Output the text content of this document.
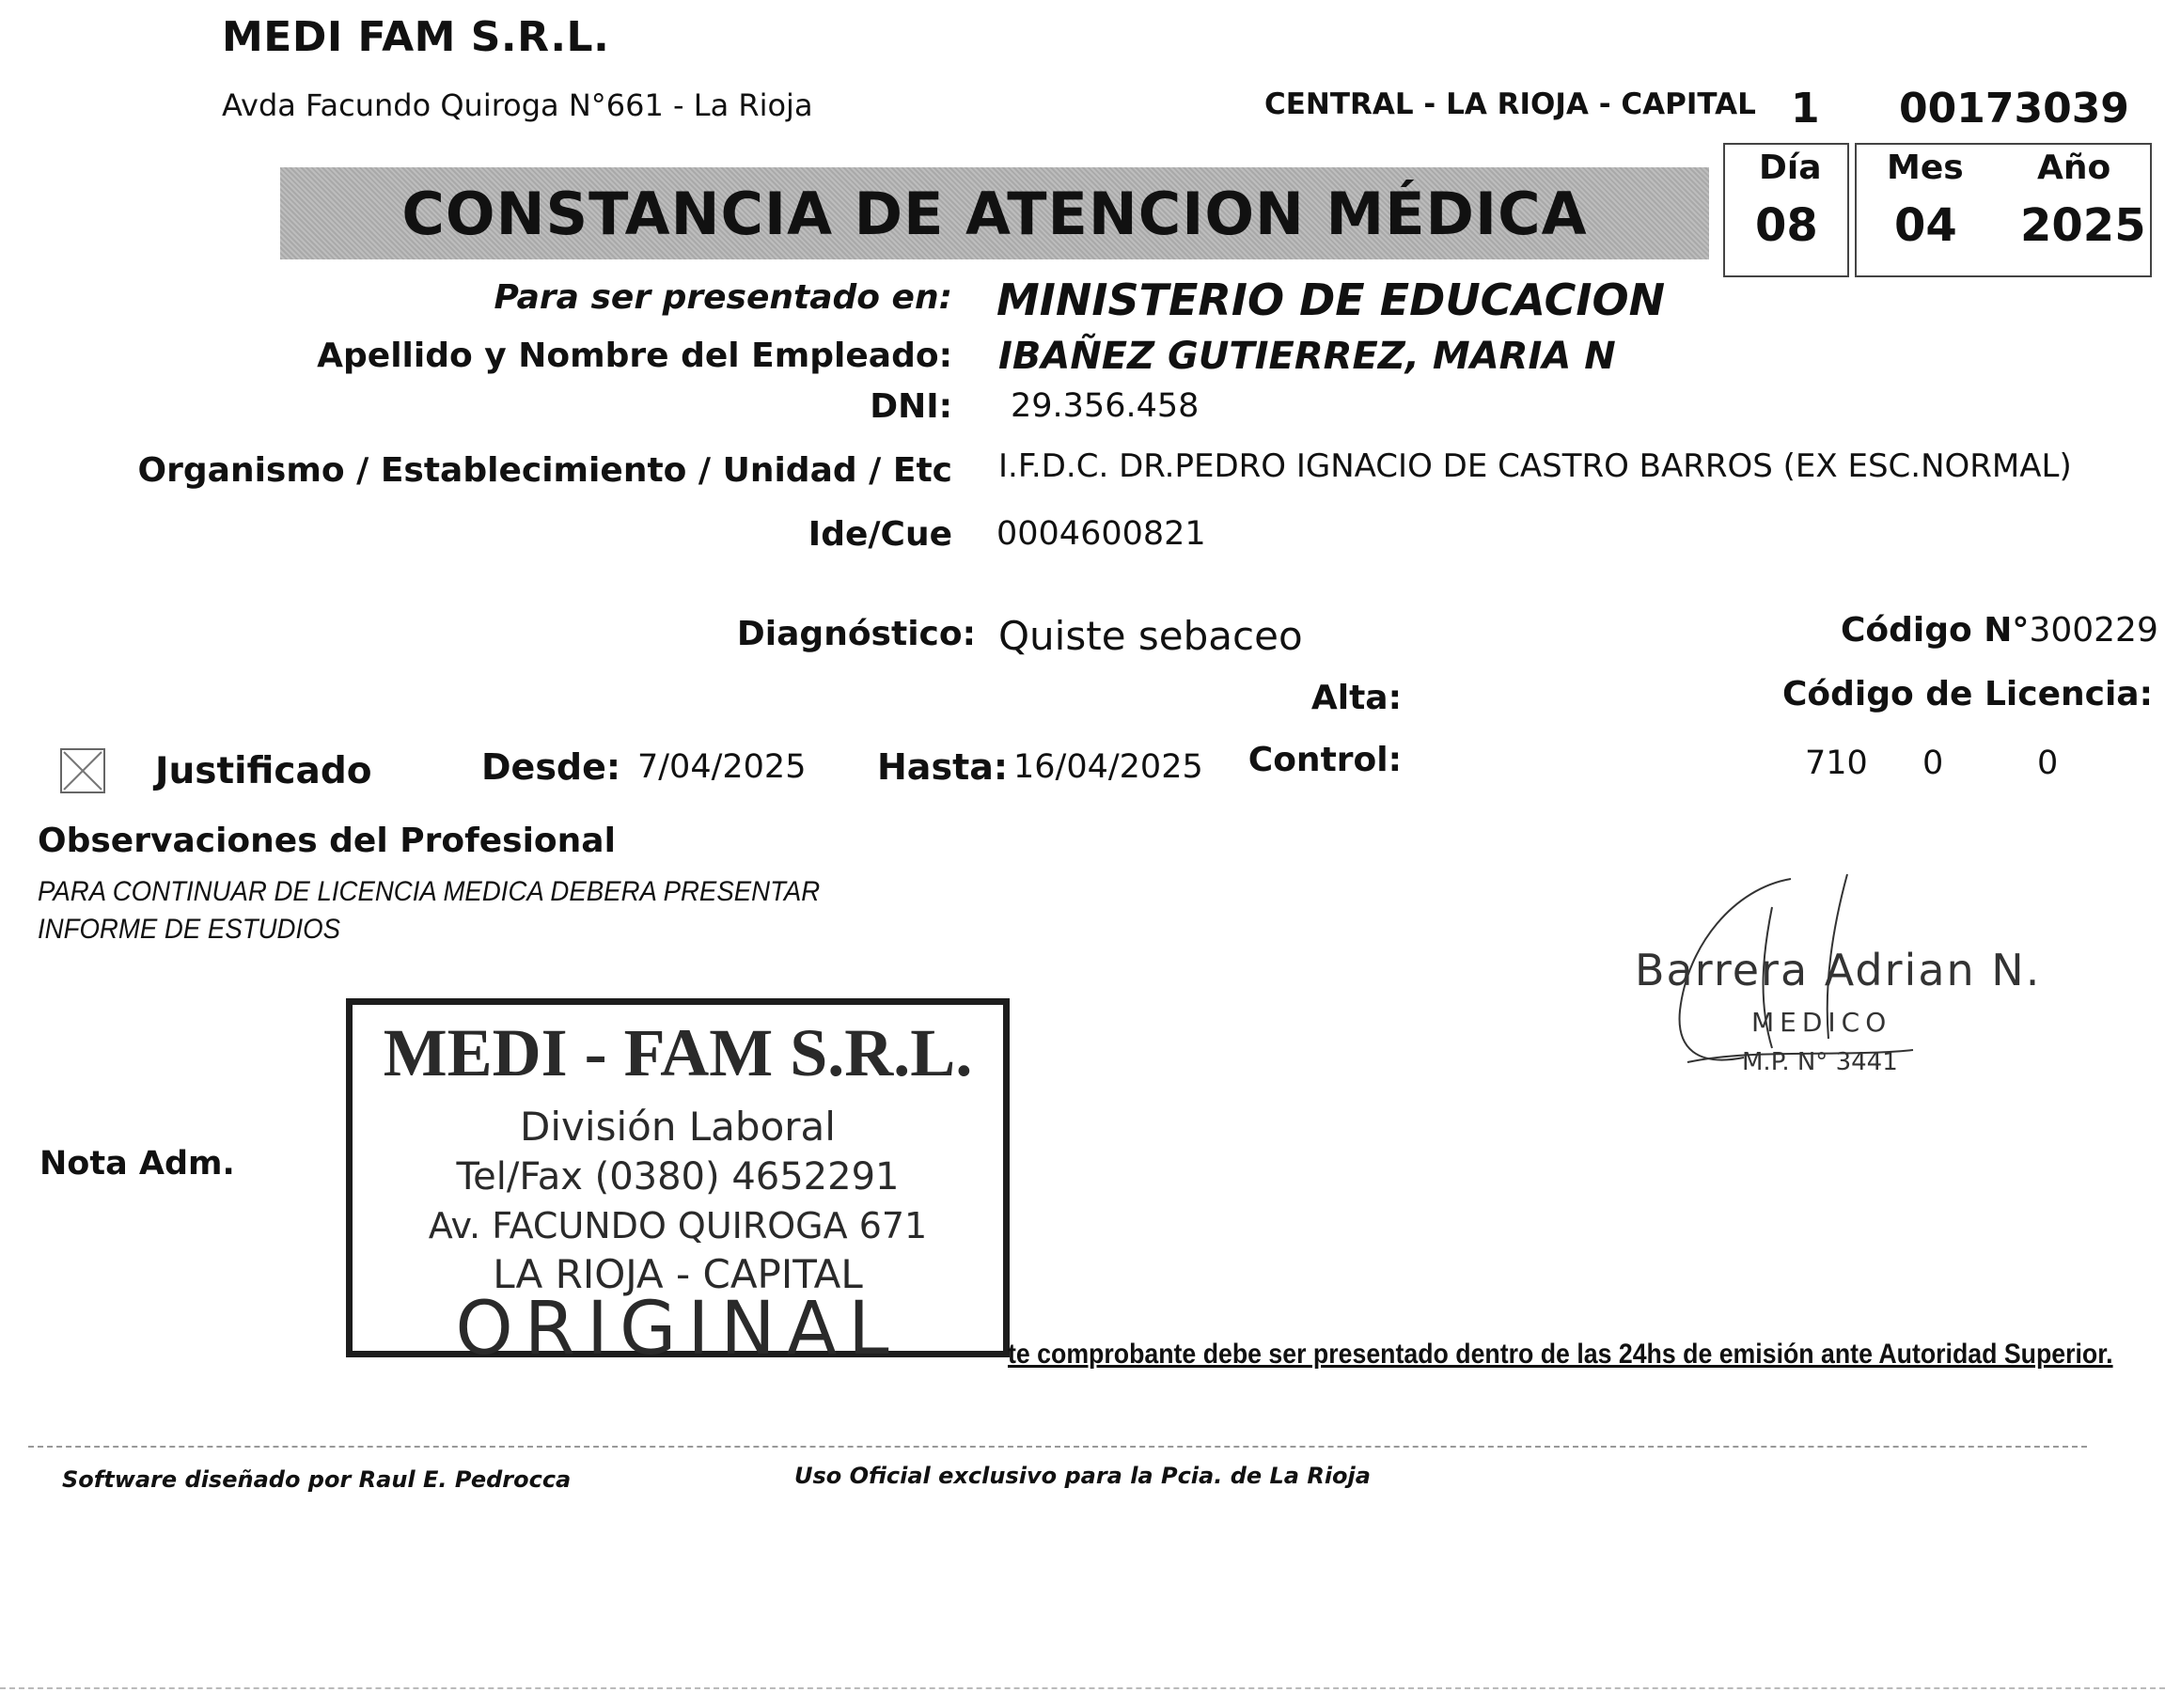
MEDI FAM S.R.L.
Avda Facundo Quiroga N°661 - La Rioja	CENTRAL - LA RIOJA - CAPITAL 1 00173039
CONSTANCIA DE ATENCION MÉDICA
Día
08
Mes
04
Año
2025
Para ser presentado en: MINISTERIO DE EDUCACION
Apellido y Nombre del Empleado: IBAÑEZ GUTIERREZ, MARIA N
DNI: 29.356.458
Organismo / Establecimiento / Unidad / Etc I.F.D.C. DR.PEDRO IGNACIO DE CASTRO BARROS (EX ESC.NORMAL)
Ide/Cue 0004600821
Diagnóstico: Quiste sebaceo	Código N°300229
Alta:	Código de Licencia:
Justificado	Desde: 7/04/2025 Hasta: 16/04/2025 Control:	710 0	0
Observaciones del Profesional
PARA CONTINUAR DE LICENCIA MEDICA DEBERA PRESENTAR
INFORME DE ESTUDIOS
Nota Adm.
Barrera Adrian N.
MEDICO
M.P. N° 3441
MEDI - FAM S.R.L.
División Laboral
Tel/Fax (0380) 4652291
Av. FACUNDO QUIROGA 671
LA RIOJA - CAPITAL
ORIGINAL	te comprobante debe ser presentado dentro de las 24hs de emisión ante Autoridad Superior.
Software diseñado por Raul E. Pedrocca	Uso Oficial exclusivo para la Pcia. de La Rioja
